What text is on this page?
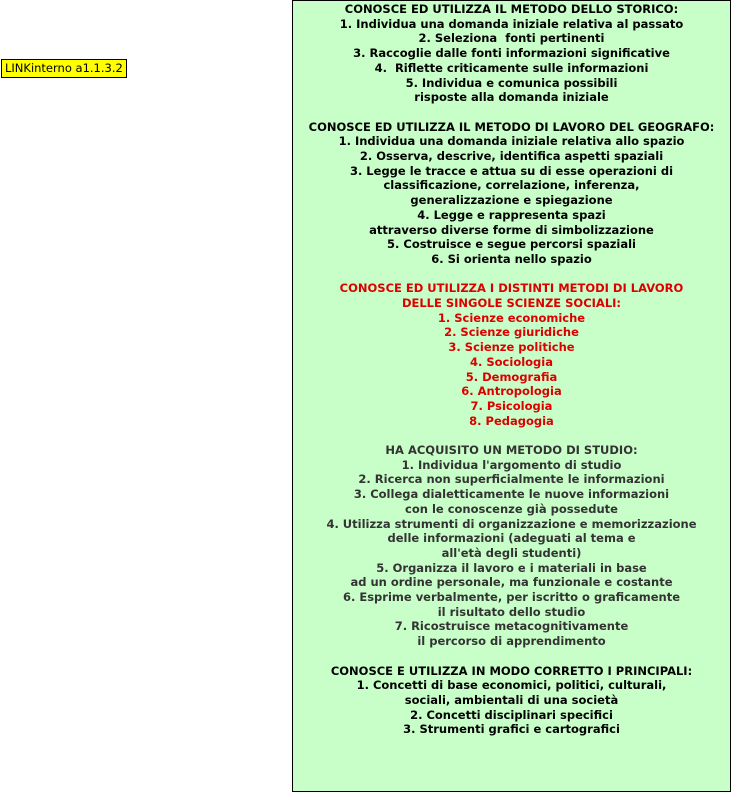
LINKinterno a1.1.3.2
CONOSCE ED UTILIZZA IL METODO DELLO STORICO:
1. Individua una domanda iniziale relativa al passato
2. Seleziona  fonti pertinenti
3. Raccoglie dalle fonti informazioni significative
4.  Riflette criticamente sulle informazioni
5. Individua e comunica possibili
risposte alla domanda iniziale
CONOSCE ED UTILIZZA IL METODO DI LAVORO DEL GEOGRAFO:
1. Individua una domanda iniziale relativa allo spazio
2. Osserva, descrive, identifica aspetti spaziali
3. Legge le tracce e attua su di esse operazioni di
classificazione, correlazione, inferenza,
generalizzazione e spiegazione
4. Legge e rappresenta spazi
attraverso diverse forme di simbolizzazione
5. Costruisce e segue percorsi spaziali
6. Si orienta nello spazio
CONOSCE ED UTILIZZA I DISTINTI METODI DI LAVORO
DELLE SINGOLE SCIENZE SOCIALI:
1. Scienze economiche
2. Scienze giuridiche
3. Scienze politiche
4. Sociologia
5. Demografia
6. Antropologia
7. Psicologia
8. Pedagogia
HA ACQUISITO UN METODO DI STUDIO:
1. Individua l'argomento di studio
2. Ricerca non superficialmente le informazioni
3. Collega dialetticamente le nuove informazioni
con le conoscenze già possedute
4. Utilizza strumenti di organizzazione e memorizzazione
delle informazioni (adeguati al tema e
all'età degli studenti)
5. Organizza il lavoro e i materiali in base
ad un ordine personale, ma funzionale e costante
6. Esprime verbalmente, per iscritto o graficamente
il risultato dello studio
7. Ricostruisce metacognitivamente
il percorso di apprendimento
CONOSCE E UTILIZZA IN MODO CORRETTO I PRINCIPALI:
1. Concetti di base economici, politici, culturali,
sociali, ambientali di una società
2. Concetti disciplinari specifici
3. Strumenti grafici e cartografici
